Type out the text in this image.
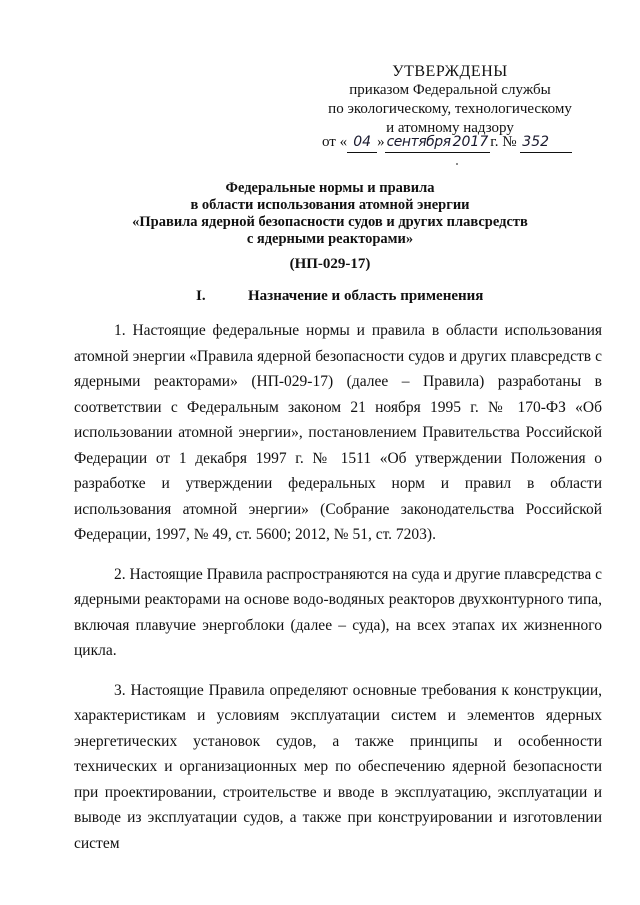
УТВЕРЖДЕНЫ
приказом Федеральной службы
по экологическому, технологическому
и атомному надзору
от « 04 » сентября 2017 г. № 352
Федеральные нормы и правила
в области использования атомной энергии
«Правила ядерной безопасности судов и других плавсредств
с ядерными реакторами»
(НП-029-17)
I.	Назначение и область применения

1. Настоящие федеральные нормы и правила в области использования атомной энергии «Правила ядерной безопасности судов и других плавсредств с ядерными реакторами» (НП-029-17) (далее – Правила) разработаны в соответствии с Федеральным законом 21 ноября 1995 г. № 170-ФЗ «Об использовании атомной энергии», постановлением Правительства Российской Федерации от 1 декабря 1997 г. № 1511 «Об утверждении Положения о разработке и утверждении федеральных норм и правил в области использования атомной энергии» (Собрание законодательства Российской Федерации, 1997, № 49, ст. 5600; 2012, № 51, ст. 7203).

2. Настоящие Правила распространяются на суда и другие плавсредства с ядерными реакторами на основе водо-водяных реакторов двухконтурного типа, включая плавучие энергоблоки (далее – суда), на всех этапах их жизненного цикла.

3. Настоящие Правила определяют основные требования к конструкции, характеристикам и условиям эксплуатации систем и элементов ядерных энергетических установок судов, а также принципы и особенности технических и организационных мер по обеспечению ядерной безопасности при проектировании, строительстве и вводе в эксплуатацию, эксплуатации и выводе из эксплуатации судов, а также при конструировании и изготовлении систем
